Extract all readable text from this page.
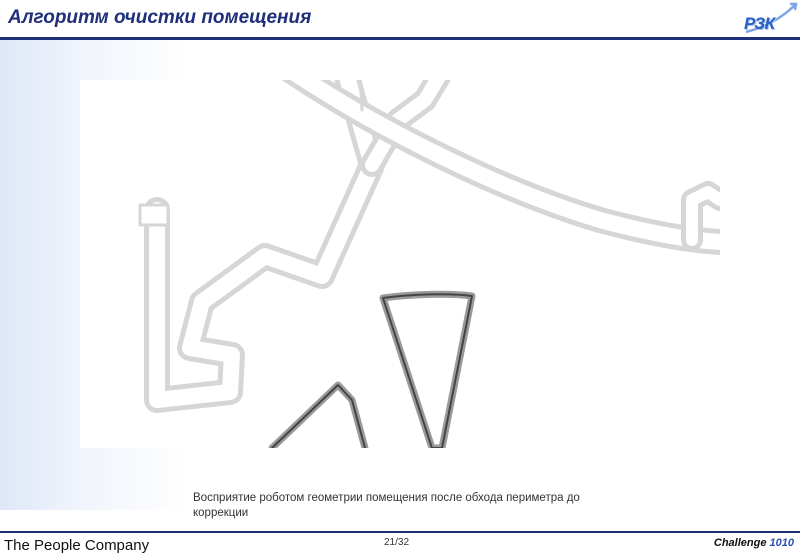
Алгоритм очистки помещения	РЗК
Восприятие роботом геометрии помещения после обхода периметра до коррекции
The People Company	21/32	Challenge 1010
